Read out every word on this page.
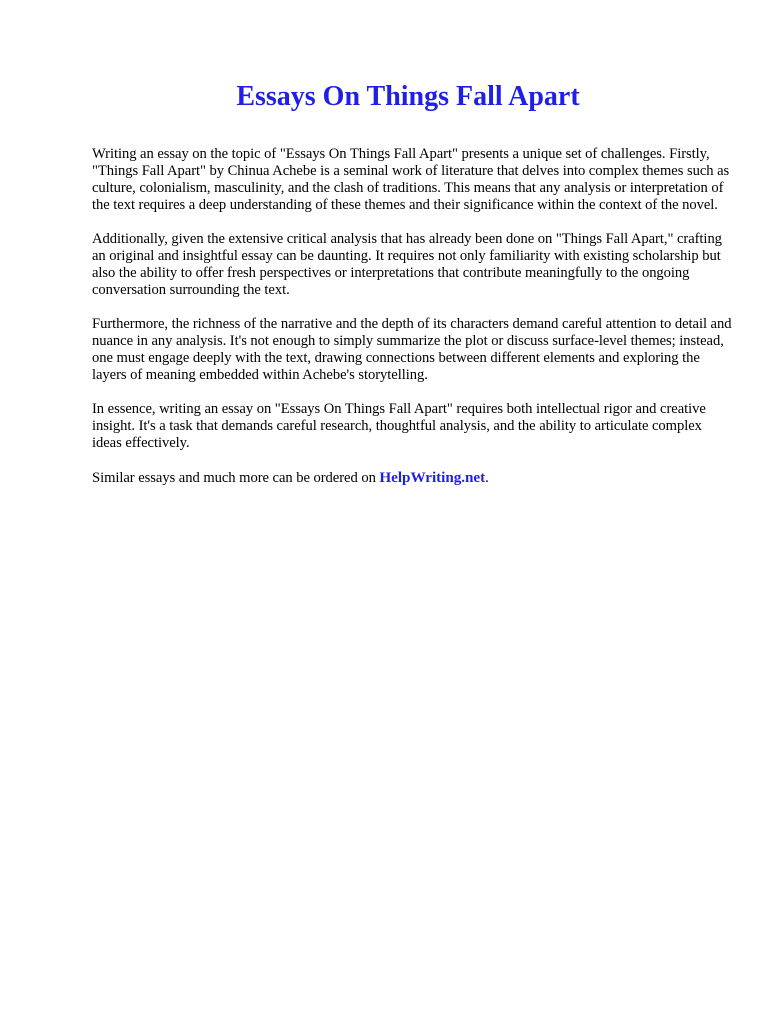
Essays On Things Fall Apart

Writing an essay on the topic of "Essays On Things Fall Apart" presents a unique set of challenges. Firstly, "Things Fall Apart" by Chinua Achebe is a seminal work of literature that delves into complex themes such as culture, colonialism, masculinity, and the clash of traditions. This means that any analysis or interpretation of the text requires a deep understanding of these themes and their significance within the context of the novel.

Additionally, given the extensive critical analysis that has already been done on "Things Fall Apart," crafting an original and insightful essay can be daunting. It requires not only familiarity with existing scholarship but also the ability to offer fresh perspectives or interpretations that contribute meaningfully to the ongoing conversation surrounding the text.

Furthermore, the richness of the narrative and the depth of its characters demand careful attention to detail and nuance in any analysis. It's not enough to simply summarize the plot or discuss surface-level themes; instead, one must engage deeply with the text, drawing connections between different elements and exploring the layers of meaning embedded within Achebe's storytelling.

In essence, writing an essay on "Essays On Things Fall Apart" requires both intellectual rigor and creative insight. It's a task that demands careful research, thoughtful analysis, and the ability to articulate complex ideas effectively.

Similar essays and much more can be ordered on HelpWriting.net.
